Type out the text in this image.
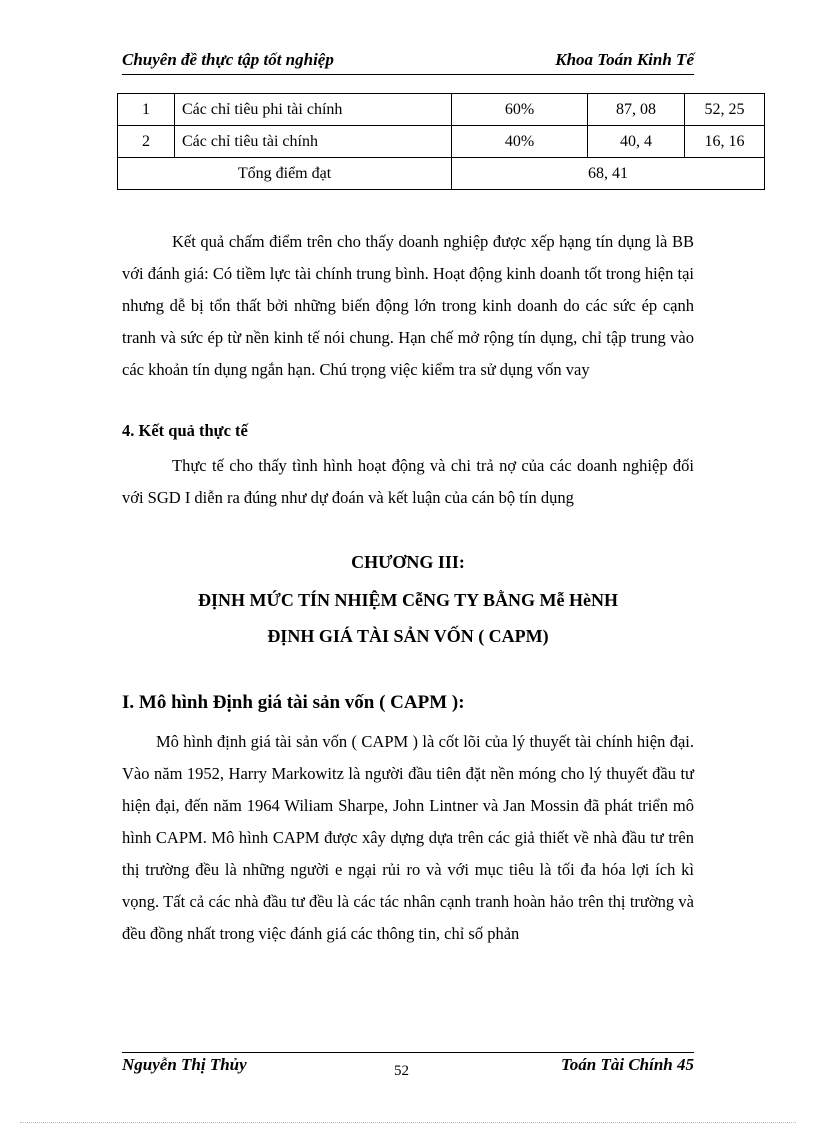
Chuyên đề thực tập tốt nghiệp	Khoa Toán Kinh Tế
1	Các chỉ tiêu phi tài chính	60%	87, 08	52, 25
2	Các chỉ tiêu tài chính	40%	40, 4	16, 16
Tổng điểm đạt		68, 41		

Kết quả chấm điểm trên cho thấy doanh nghiệp được xếp hạng tín dụng là BB với đánh giá: Có tiềm lực tài chính trung bình. Hoạt động kinh doanh tốt trong hiện tại nhưng dễ bị tổn thất bởi những biến động lớn trong kinh doanh do các sức ép cạnh tranh và sức ép từ nền kinh tế nói chung. Hạn chế mở rộng tín dụng, chỉ tập trung vào các khoản tín dụng ngắn hạn. Chú trọng việc kiểm tra sử dụng vốn vay

4. Kết quả thực tế

Thực tế cho thấy tình hình hoạt động và chi trả nợ của các doanh nghiệp đối với SGD I diễn ra đúng như dự đoán và kết luận của cán bộ tín dụng

CHƯƠNG III:

ĐỊNH MỨC TÍN NHIỆM CễNG TY BẰNG Mễ HèNH

ĐỊNH GIÁ TÀI SẢN VỐN ( CAPM)

I. Mô hình Định giá tài sản vốn ( CAPM ):

Mô hình định giá tài sản vốn ( CAPM ) là cốt lõi của lý thuyết tài chính hiện đại. Vào năm 1952, Harry Markowitz là người đầu tiên đặt nền móng cho lý thuyết đầu tư hiện đại, đến năm 1964 Wiliam Sharpe, John Lintner và Jan Mossin đã phát triển mô hình CAPM. Mô hình CAPM được xây dựng dựa trên các giả thiết về nhà đầu tư trên thị trường đều là những người e ngại rủi ro và với mục tiêu là tối đa hóa lợi ích kì vọng. Tất cả các nhà đầu tư đều là các tác nhân cạnh tranh hoàn hảo trên thị trường và đều đồng nhất trong việc đánh giá các thông tin, chỉ số phản

Nguyễn Thị Thủy	52	Toán Tài Chính 45
